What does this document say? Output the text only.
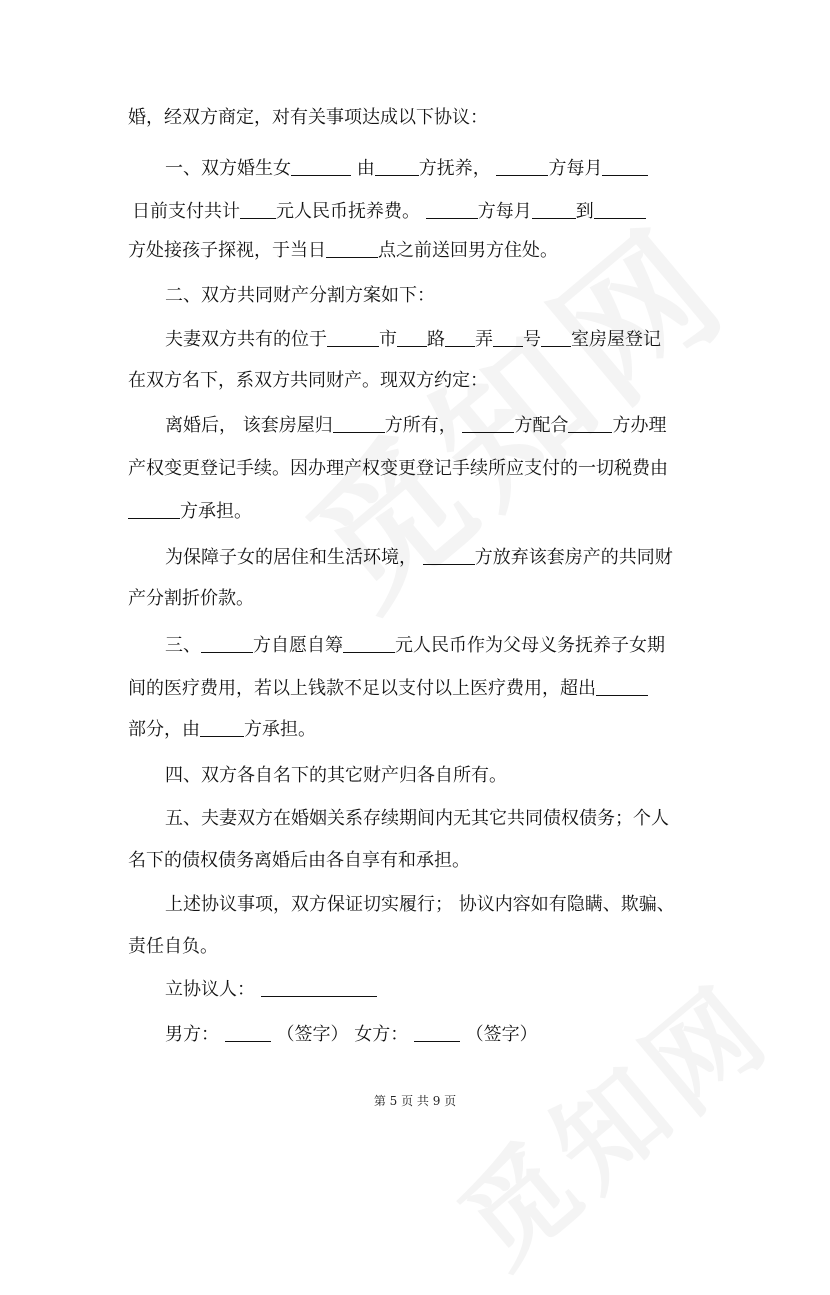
婚，经双方商定，对有关事项达成以下协议：
一、双方婚生女	由 方抚养，	方每月
日前支付共计 元人民币抚养费。	方每月 到
方处接孩子探视，于当日	点之前送回男方住处。
二、双方共同财产分割方案如下：
夫妻双方共有的位于	市 路 弄 号 室房屋登记
在双方名下，系双方共同财产。现双方约定：
离婚后， 该套房屋归	方所有，	方配合 方办理
产权变更登记手续。因办理产权变更登记手续所应支付的一切税费由
方承担。
为保障子女的居住和生活环境，	方放弃该套房产的共同财
产分割折价款。
三、	方自愿自筹	元人民币作为父母义务抚养子女期
间的医疗费用，若以上钱款不足以支付以上医疗费用，超出
部分，由 方承担。
四、双方各自名下的其它财产归各自所有。
五、夫妻双方在婚姻关系存续期间内无其它共同债权债务；个人
名下的债权债务离婚后由各自享有和承担。
上述协议事项，双方保证切实履行； 协议内容如有隐瞒、欺骗、
责任自负。
立协议人：
男方：	（签字） 女方：	（签字）
第 5 页 共 9 页
